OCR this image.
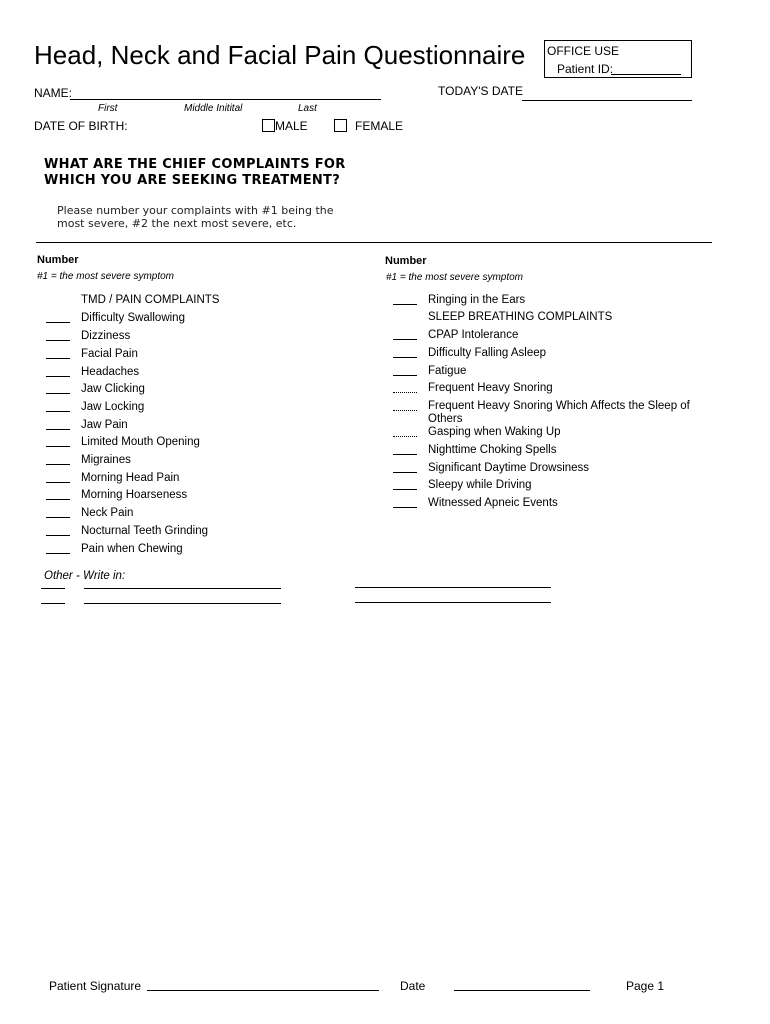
Head, Neck and Facial Pain Questionnaire OFFICE USE
Patient ID:
NAME:	TODAY'S DATE
First	Middle Initital	Last
DATE OF BIRTH:	MALE	FEMALE
WHAT ARE THE CHIEF COMPLAINTS FOR
WHICH YOU ARE SEEKING TREATMENT?
Please number your complaints with #1 being the
most severe, #2 the next most severe, etc.
Number
#1 = the most severe symptom
Number
#1 = the most severe symptom
TMD / PAIN COMPLAINTS
Difficulty Swallowing
Dizziness
Facial Pain
Headaches
Jaw Clicking
Jaw Locking
Jaw Pain
Limited Mouth Opening
Migraines
Morning Head Pain
Morning Hoarseness
Neck Pain
Nocturnal Teeth Grinding
Pain when Chewing
Ringing in the Ears
SLEEP BREATHING COMPLAINTS
CPAP Intolerance
Difficulty Falling Asleep
Fatigue
Frequent Heavy Snoring
Frequent Heavy Snoring Which Affects the Sleep of Others
Gasping when Waking Up
Nighttime Choking Spells
Significant Daytime Drowsiness
Sleepy while Driving
Witnessed Apneic Events
Other - Write in:
Patient Signature	Date	Page 1
